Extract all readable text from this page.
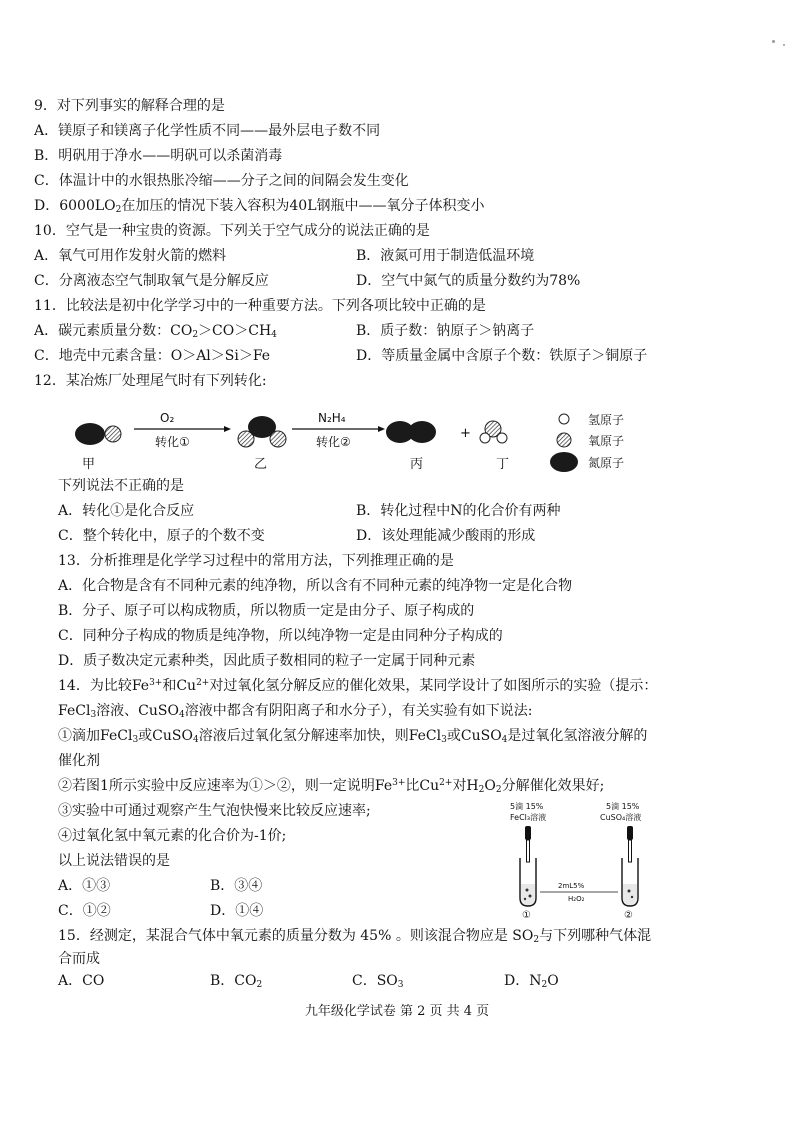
9．对下列事实的解释合理的是
A．镁原子和镁离子化学性质不同——最外层电子数不同
B．明矾用于净水——明矾可以杀菌消毒
C．体温计中的水银热胀冷缩——分子之间的间隔会发生变化
D．$6000LO_2$在加压的情况下装入容积为40L钢瓶中——氧分子体积变小
10．空气是一种宝贵的资源。下列关于空气成分的说法正确的是
A．氧气可用作发射火箭的燃料	B．液氮可用于制造低温环境
C．分离液态空气制取氧气是分解反应	D．空气中氮气的质量分数约为78%
11．比较法是初中化学学习中的一种重要方法。下列各项比较中正确的是
A．碳元素质量分数：$CO_2>CO>CH_4$	B．质子数：钠原子＞钠离子
C．地壳中元素含量：O＞Al＞Si＞Fe	D．等质量金属中含原子个数：铁原子＞铜原子
12．某冶炼厂处理尾气时有下列转化:
O₂
转化①
N₂H₄
转化②
+
甲	乙	丙	丁
氢原子
氧原子
氮原子
下列说法不正确的是
A．转化①是化合反应	B．转化过程中N的化合价有两种
C．整个转化中，原子的个数不变	D．该处理能减少酸雨的形成
13．分析推理是化学学习过程中的常用方法，下列推理正确的是
A．化合物是含有不同种元素的纯净物，所以含有不同种元素的纯净物一定是化合物
B．分子、原子可以构成物质，所以物质一定是由分子、原子构成的
C．同种分子构成的物质是纯净物，所以纯净物一定是由同种分子构成的
D．质子数决定元素种类，因此质子数相同的粒子一定属于同种元素
14．为比较$Fe^{3+}$和$Cu^{2+}$对过氧化氢分解反应的催化效果，某同学设计了如图所示的实验（提示：
FeCl$_3$溶液、CuSO$_4$溶液中都含有阴阳离子和水分子），有关实验有如下说法:
①滴加FeCl$_3$或CuSO$_4$溶液后过氧化氢分解速率加快，则FeCl$_3$或CuSO$_4$是过氧化氢溶液分解的
催化剂
②若图1所示实验中反应速率为①＞②，则一定说明$Fe^{3+}$比$Cu^{2+}$对$H_2O_2$分解催化效果好;
③实验中可通过观察产生气泡快慢来比较反应速率;
④过氧化氢中氧元素的化合价为-1价;
以上说法错误的是
A．①③	B．③④
C．①②	D．①④
5滴 15%
FeCl₃溶液
5滴 15%
CuSO₄溶液
2mL5%
H₂O₂
①	②
15．经测定，某混合气体中氧元素的质量分数为 45% 。则该混合物应是 $SO_2$与下列哪种气体混
合而成
A．CO	B．$CO_2$	C．$SO_3$	D．$N_2O$
九年级化学试卷 第 2 页 共 4 页
